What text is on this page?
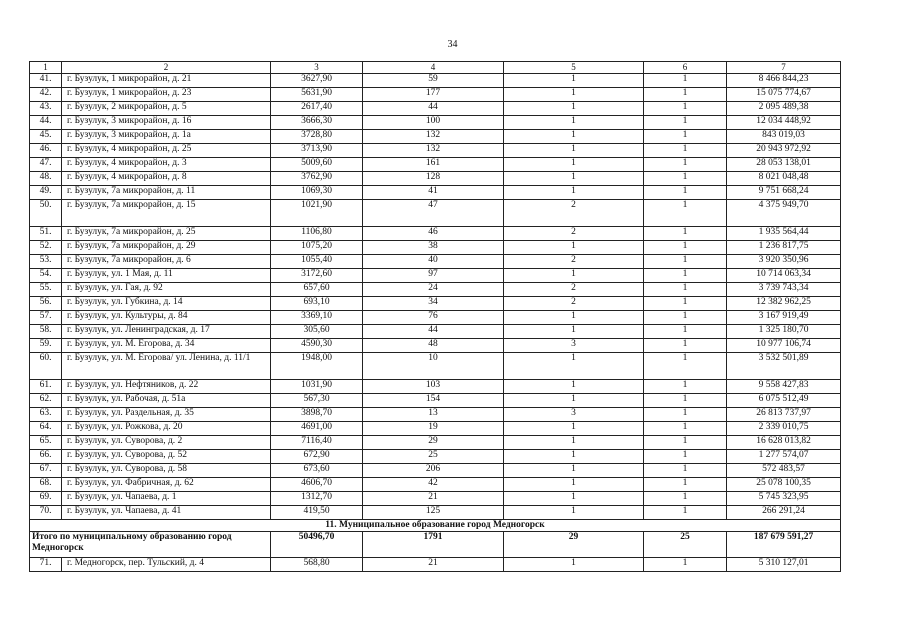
34
1	2	3	4	5	6	7
41.	г. Бузулук, 1 микрорайон, д. 21	3627,90	59	1	1	8 466 844,23
42.	г. Бузулук, 1 микрорайон, д. 23	5631,90	177	1	1	15 075 774,67
43.	г. Бузулук, 2 микрорайон, д. 5	2617,40	44	1	1	2 095 489,38
44.	г. Бузулук, 3 микрорайон, д. 16	3666,30	100	1	1	12 034 448,92
45.	г. Бузулук, 3 микрорайон, д. 1а	3728,80	132	1	1	843 019,03
46.	г. Бузулук, 4 микрорайон, д. 25	3713,90	132	1	1	20 943 972,92
47.	г. Бузулук, 4 микрорайон, д. 3	5009,60	161	1	1	28 053 138,01
48.	г. Бузулук, 4 микрорайон, д. 8	3762,90	128	1	1	8 021 048,48
49.	г. Бузулук, 7а микрорайон, д. 11	1069,30	41	1	1	9 751 668,24
50.	г. Бузулук, 7а микрорайон, д. 15	1021,90	47	2	1	4 375 949,70
51.	г. Бузулук, 7а микрорайон, д. 25	1106,80	46	2	1	1 935 564,44
52.	г. Бузулук, 7а микрорайон, д. 29	1075,20	38	1	1	1 236 817,75
53.	г. Бузулук, 7а микрорайон, д. 6	1055,40	40	2	1	3 920 350,96
54.	г. Бузулук, ул. 1 Мая, д. 11	3172,60	97	1	1	10 714 063,34
55.	г. Бузулук, ул. Гая, д. 92	657,60	24	2	1	3 739 743,34
56.	г. Бузулук, ул. Губкина, д. 14	693,10	34	2	1	12 382 962,25
57.	г. Бузулук, ул. Культуры, д. 84	3369,10	76	1	1	3 167 919,49
58.	г. Бузулук, ул. Ленинградская, д. 17	305,60	44	1	1	1 325 180,70
59.	г. Бузулук, ул. М. Егорова, д. 34	4590,30	48	3	1	10 977 106,74
60.	г. Бузулук, ул. М. Егорова/ ул. Ленина, д. 11/1	1948,00	10	1	1	3 532 501,89
61.	г. Бузулук, ул. Нефтяников, д. 22	1031,90	103	1	1	9 558 427,83
62.	г. Бузулук, ул. Рабочая, д. 51а	567,30	154	1	1	6 075 512,49
63.	г. Бузулук, ул. Раздельная, д. 35	3898,70	13	3	1	26 813 737,97
64.	г. Бузулук, ул. Рожкова, д. 20	4691,00	19	1	1	2 339 010,75
65.	г. Бузулук, ул. Суворова, д. 2	7116,40	29	1	1	16 628 013,82
66.	г. Бузулук, ул. Суворова, д. 52	672,90	25	1	1	1 277 574,07
67.	г. Бузулук, ул. Суворова, д. 58	673,60	206	1	1	572 483,57
68.	г. Бузулук, ул. Фабричная, д. 62	4606,70	42	1	1	25 078 100,35
69.	г. Бузулук, ул. Чапаева, д. 1	1312,70	21	1	1	5 745 323,95
70.	г. Бузулук, ул. Чапаева, д. 41	419,50	125	1	1	266 291,24
11. Муниципальное образование город Медногорск						
Итого по муниципальному образованию город Медногорск		50496,70	1791	29	25	187 679 591,27
71.	г. Медногорск, пер. Тульский, д. 4	568,80	21	1	1	5 310 127,01
